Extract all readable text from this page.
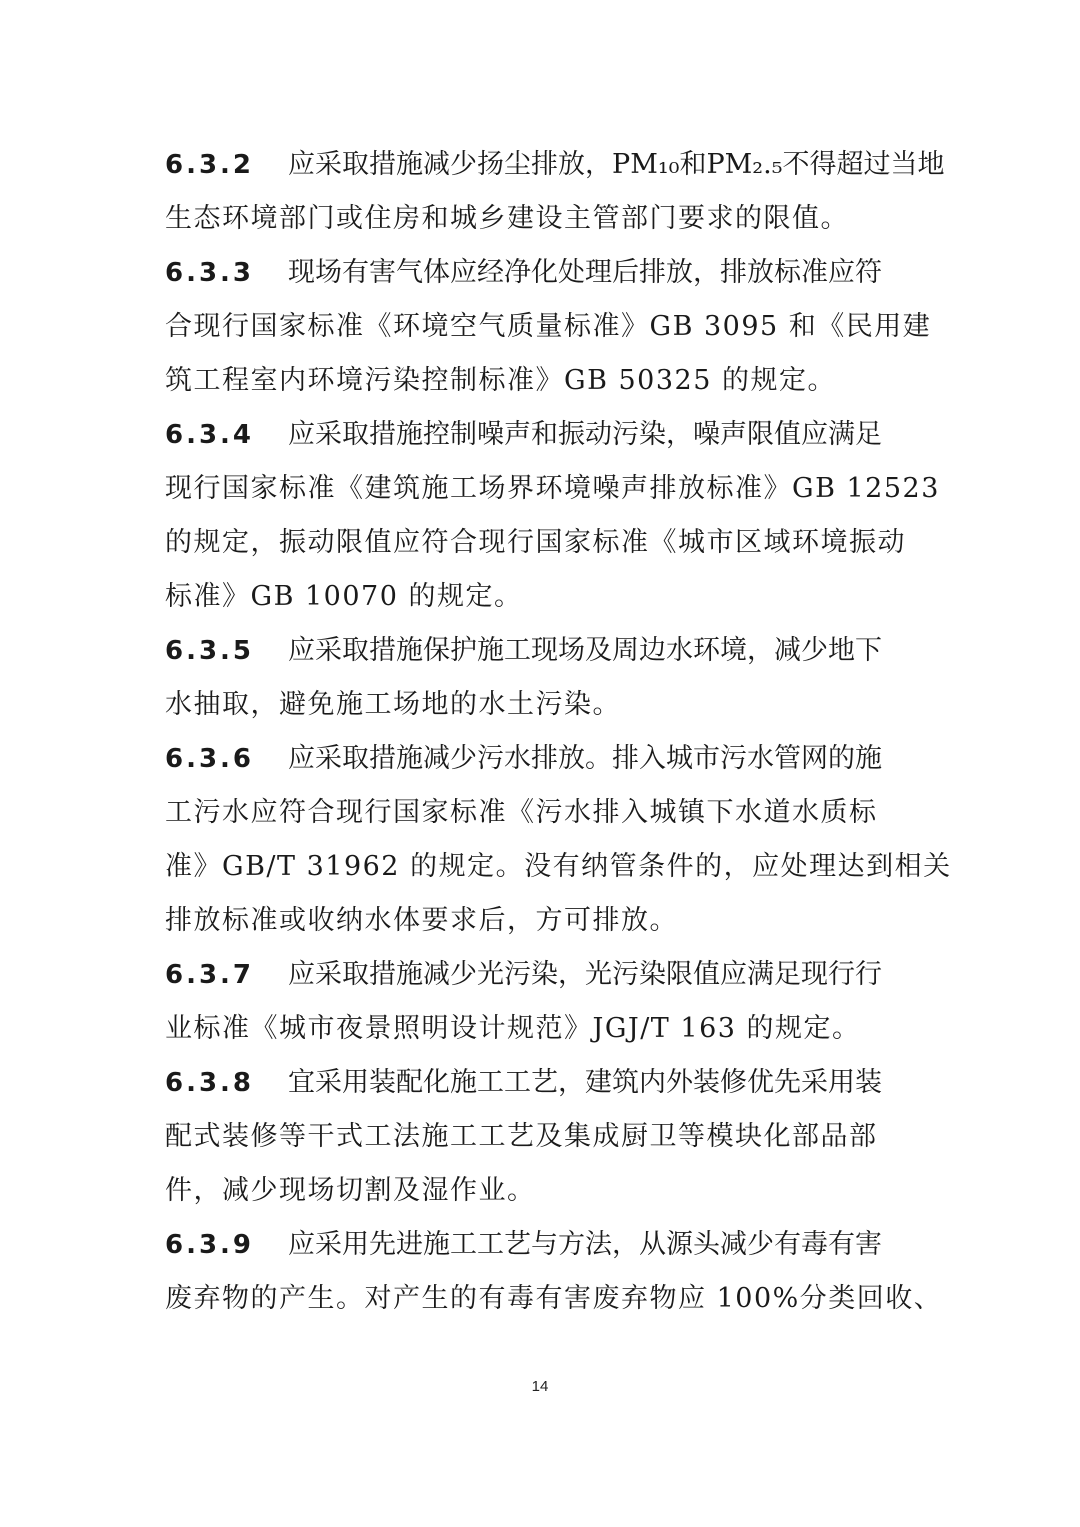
6.3.2 应采取措施减少扬尘排放，PM₁₀和PM₂.₅不得超过当地
生态环境部门或住房和城乡建设主管部门要求的限值。
6.3.3 现场有害气体应经净化处理后排放，排放标准应符
合现行国家标准《环境空气质量标准》GB 3095 和《民用建
筑工程室内环境污染控制标准》GB 50325 的规定。
6.3.4 应采取措施控制噪声和振动污染，噪声限值应满足
现行国家标准《建筑施工场界环境噪声排放标准》GB 12523
的规定，振动限值应符合现行国家标准《城市区域环境振动
标准》GB 10070 的规定。
6.3.5 应采取措施保护施工现场及周边水环境，减少地下
水抽取，避免施工场地的水土污染。
6.3.6 应采取措施减少污水排放。排入城市污水管网的施
工污水应符合现行国家标准《污水排入城镇下水道水质标
准》GB/T 31962 的规定。没有纳管条件的，应处理达到相关
排放标准或收纳水体要求后，方可排放。
6.3.7 应采取措施减少光污染，光污染限值应满足现行行
业标准《城市夜景照明设计规范》JGJ/T 163 的规定。
6.3.8 宜采用装配化施工工艺，建筑内外装修优先采用装
配式装修等干式工法施工工艺及集成厨卫等模块化部品部
件，减少现场切割及湿作业。
6.3.9 应采用先进施工工艺与方法，从源头减少有毒有害
废弃物的产生。对产生的有毒有害废弃物应 100%分类回收、
14
